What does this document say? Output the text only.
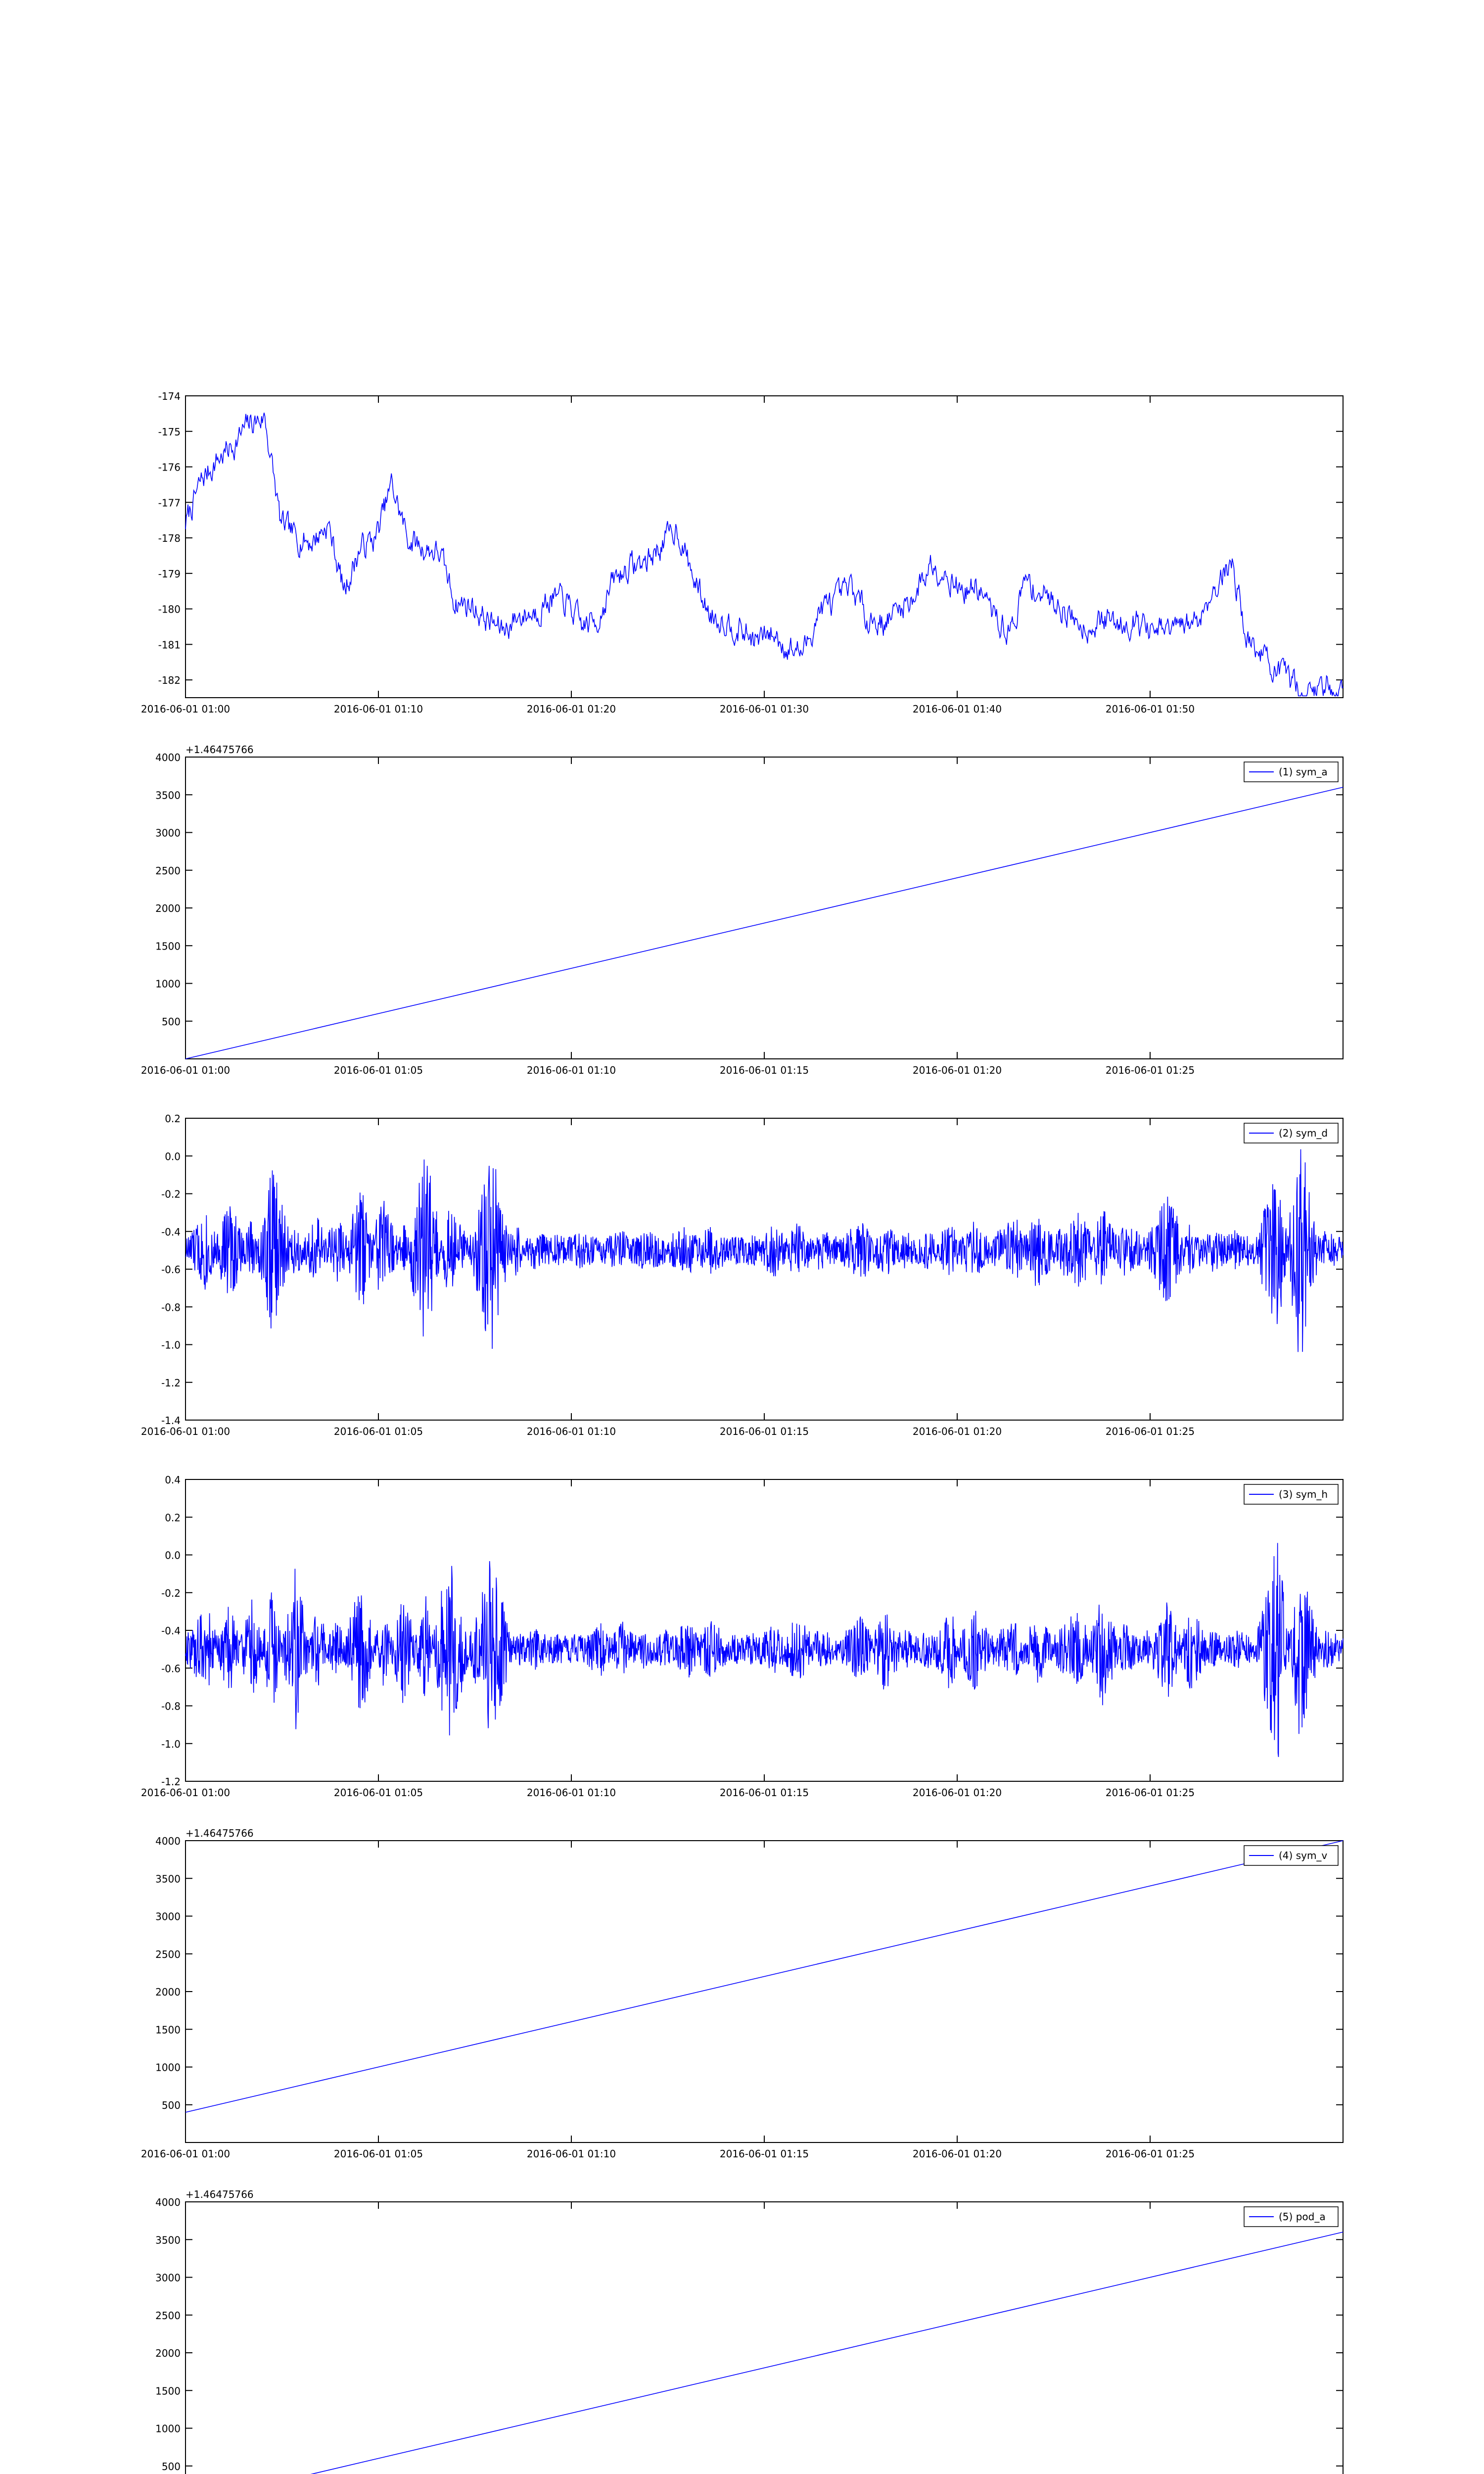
-174
-175
-176
-177
-178
-179
-180
-181
-182
2016-06-01 01:00	2016-06-01 01:10	2016-06-01 01:20	2016-06-01 01:30	2016-06-01 01:40	2016-06-01 01:50
500
1000
1500
2000
2500
3000
3500
4000
2016-06-01 01:00	2016-06-01 01:05	2016-06-01 01:10	2016-06-01 01:15	2016-06-01 01:20	2016-06-01 01:25
+1.46475766
(1) sym_a
0.2
0.0
-0.2
-0.4
-0.6
-0.8
-1.0
-1.2
-1.4
2016-06-01 01:00	2016-06-01 01:05	2016-06-01 01:10	2016-06-01 01:15	2016-06-01 01:20	2016-06-01 01:25
(2) sym_d
0.4
0.2
0.0
-0.2
-0.4
-0.6
-0.8
-1.0
-1.2
2016-06-01 01:00	2016-06-01 01:05	2016-06-01 01:10	2016-06-01 01:15	2016-06-01 01:20	2016-06-01 01:25
(3) sym_h
500
1000
1500
2000
2500
3000
3500
4000
2016-06-01 01:00	2016-06-01 01:05	2016-06-01 01:10	2016-06-01 01:15	2016-06-01 01:20	2016-06-01 01:25
+1.46475766
(4) sym_v
500
1000
1500
2000
2500
3000
3500
4000
+1.46475766
(5) pod_a
